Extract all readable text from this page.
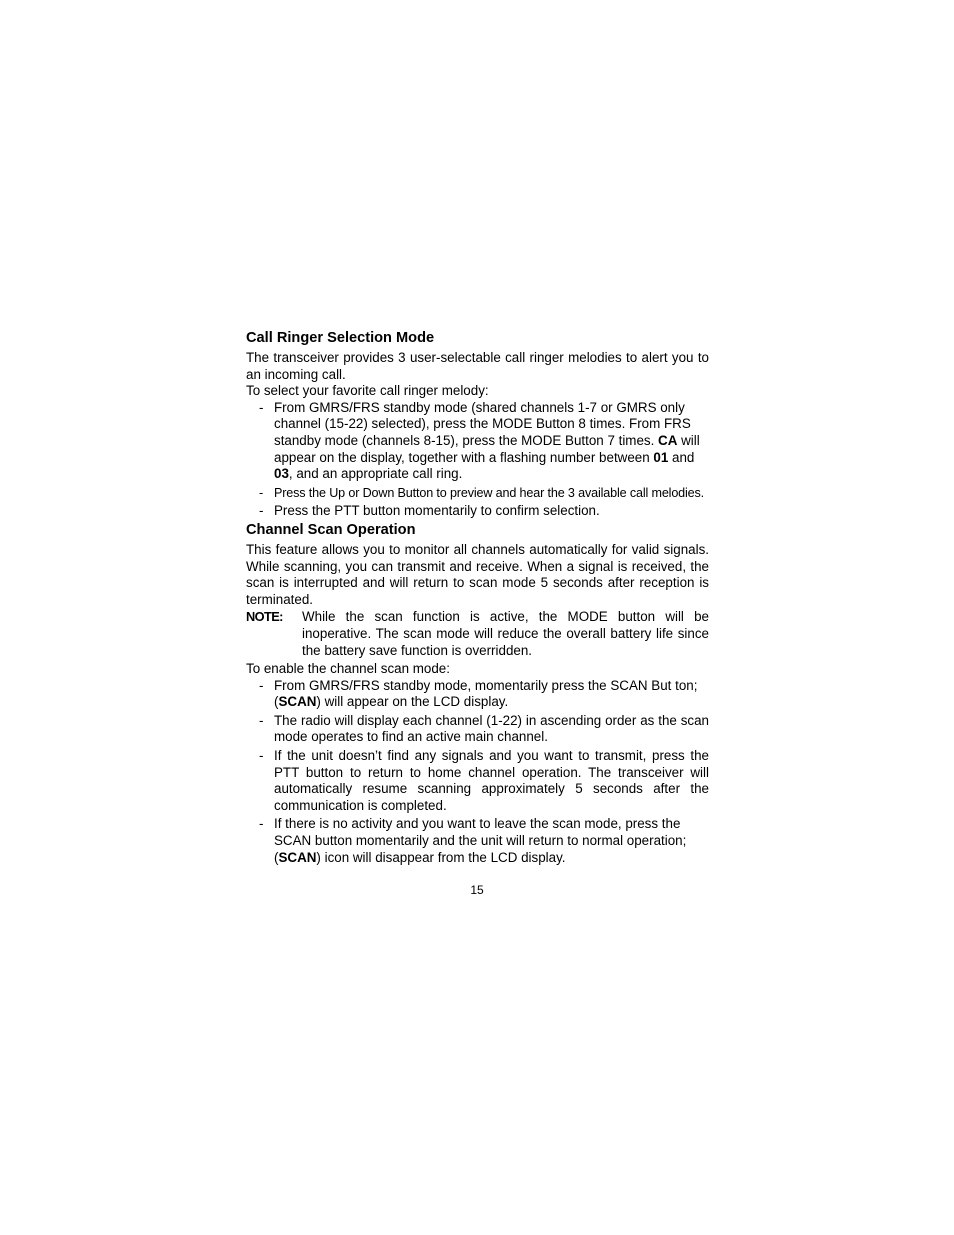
Call Ringer Selection Mode

The transceiver provides 3 user-selectable call ringer melodies to alert you to an incoming call.

To select your favorite call ringer melody:

- From GMRS/FRS standby mode (shared channels 1-7 or GMRS only channel (15-22) selected), press the MODE Button 8 times. From FRS standby mode (channels 8-15), press the MODE Button 7 times. CA will appear on the display, together with a flashing number between 01 and 03, and an appropriate call ring.
- Press the Up or Down Button to preview and hear the 3 available call melodies.
- Press the PTT button momentarily to confirm selection.
Channel Scan Operation

This feature allows you to monitor all channels automatically for valid signals. While scanning, you can transmit and receive. When a signal is received, the scan is interrupted and will return to scan mode 5 seconds after reception is terminated.

NOTE:	While the scan function is active, the MODE button will be inoperative. The scan mode will reduce the overall battery life since the battery save function is overridden.

To enable the channel scan mode:

- From GMRS/FRS standby mode, momentarily press the SCAN But ton; (SCAN) will appear on the LCD display.
- The radio will display each channel (1-22) in ascending order as the scan mode operates to find an active main channel.
- If the unit doesn’t find any signals and you want to transmit, press the PTT button to return to home channel operation. The transceiver will automatically resume scanning approximately 5 seconds after the communication is completed.
- If there is no activity and you want to leave the scan mode, press the SCAN button momentarily and the unit will return to normal operation; (SCAN) icon will disappear from the LCD display.
15
